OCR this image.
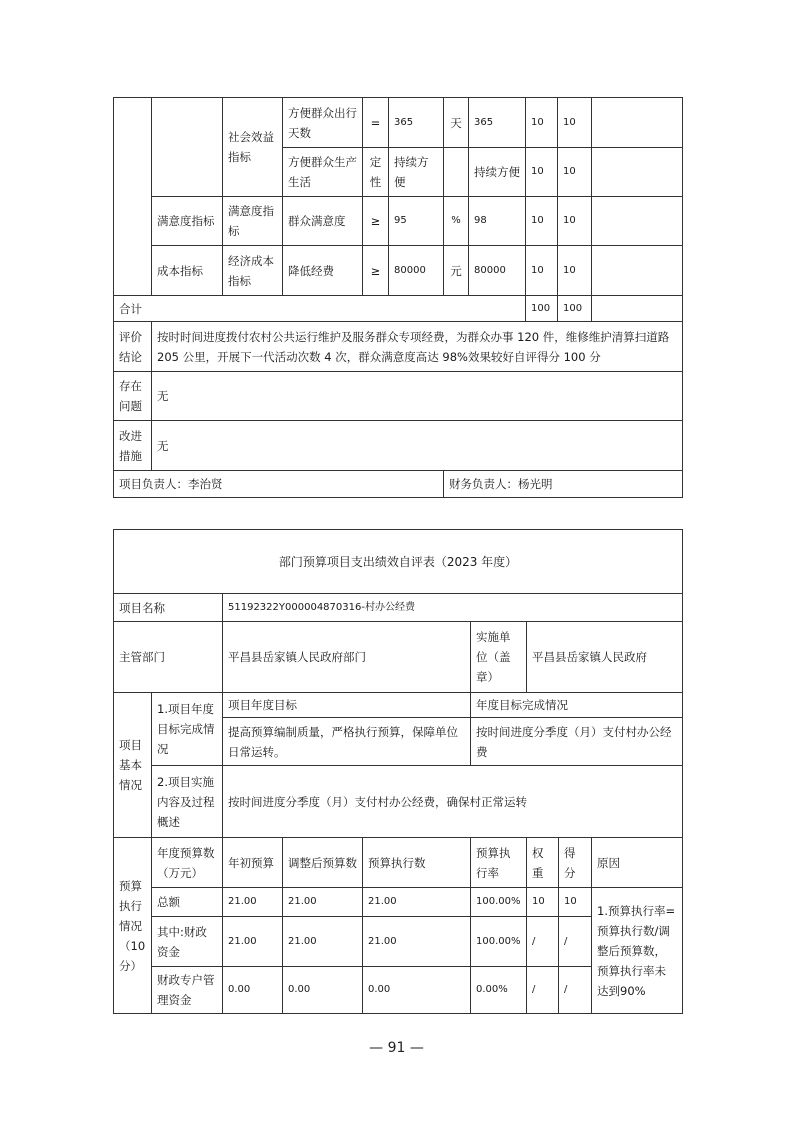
		社会效益指标	方便群众出行天数	=	365	天	365	10	10	
			方便群众生产生活	定性	持续方便		持续方便	10	10	
	满意度指标	满意度指标	群众满意度	≥	95	%	98	10	10	
	成本指标	经济成本指标	降低经费	≥	80000	元	80000	10	10	
合计								100	100	
评价结论	按时时间进度拨付农村公共运行维护及服务群众专项经费，为群众办事 120 件，维修维护清算扫道路 205 公里，开展下一代活动次数 4 次，群众满意度高达 98%效果较好自评得分 100 分									
存在问题	无									
改进措施	无									
项目负责人：李治贤						财务负责人：杨光明				
部门预算项目支出绩效自评表（2023 年度）								
项目名称		51192322Y000004870316-村办公经费						
主管部门		平昌县岳家镇人民政府部门			实施单位（盖章）	平昌县岳家镇人民政府		
项目基本情况	1.项目年度目标完成情况	项目年度目标			年度目标完成情况			
		提高预算编制质量，严格执行预算，保障单位日常运转。			按时间进度分季度（月）支付村办公经费			
	2.项目实施内容及过程概述	按时间进度分季度（月）支付村办公经费，确保村正常运转						
预算执行情况（10分）	年度预算数（万元）	年初预算	调整后预算数	预算执行数	预算执行率	权重	得分	原因
	总额	21.00	21.00	21.00	100.00%	10	10	1.预算执行率=预算执行数/调整后预算数，预算执行率未达到90%
	其中:财政资金	21.00	21.00	21.00	100.00%	/	/	
	财政专户管理资金	0.00	0.00	0.00	0.00%	/	/	
— 91 —
